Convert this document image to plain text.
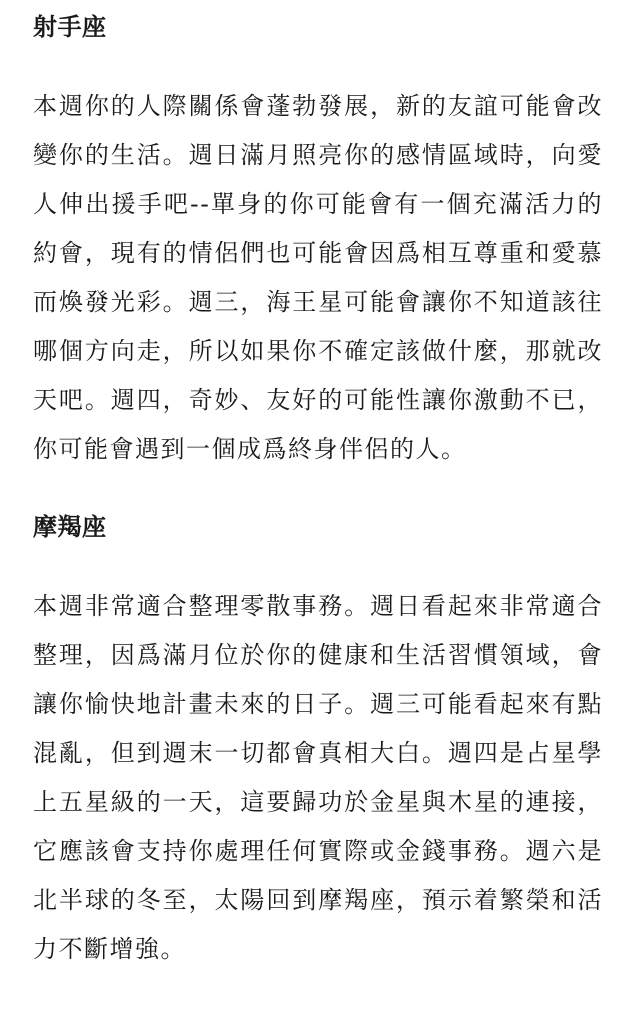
射手座

本週你的人際關係會蓬勃發展，新的友誼可能會改變你的生活。週日滿月照亮你的感情區域時，向愛人伸出援手吧--單身的你可能會有一個充滿活力的約會，現有的情侶們也可能會因爲相互尊重和愛慕而煥發光彩。週三，海王星可能會讓你不知道該往哪個方向走，所以如果你不確定該做什麼，那就改天吧。週四，奇妙、友好的可能性讓你激動不已，你可能會遇到一個成爲終身伴侶的人。

摩羯座

本週非常適合整理零散事務。週日看起來非常適合整理，因爲滿月位於你的健康和生活習慣領域，會讓你愉快地計畫未來的日子。週三可能看起來有點混亂，但到週末一切都會真相大白。週四是占星學上五星級的一天，這要歸功於金星與木星的連接，它應該會支持你處理任何實際或金錢事務。週六是北半球的冬至，太陽回到摩羯座，預示着繁榮和活力不斷增強。
